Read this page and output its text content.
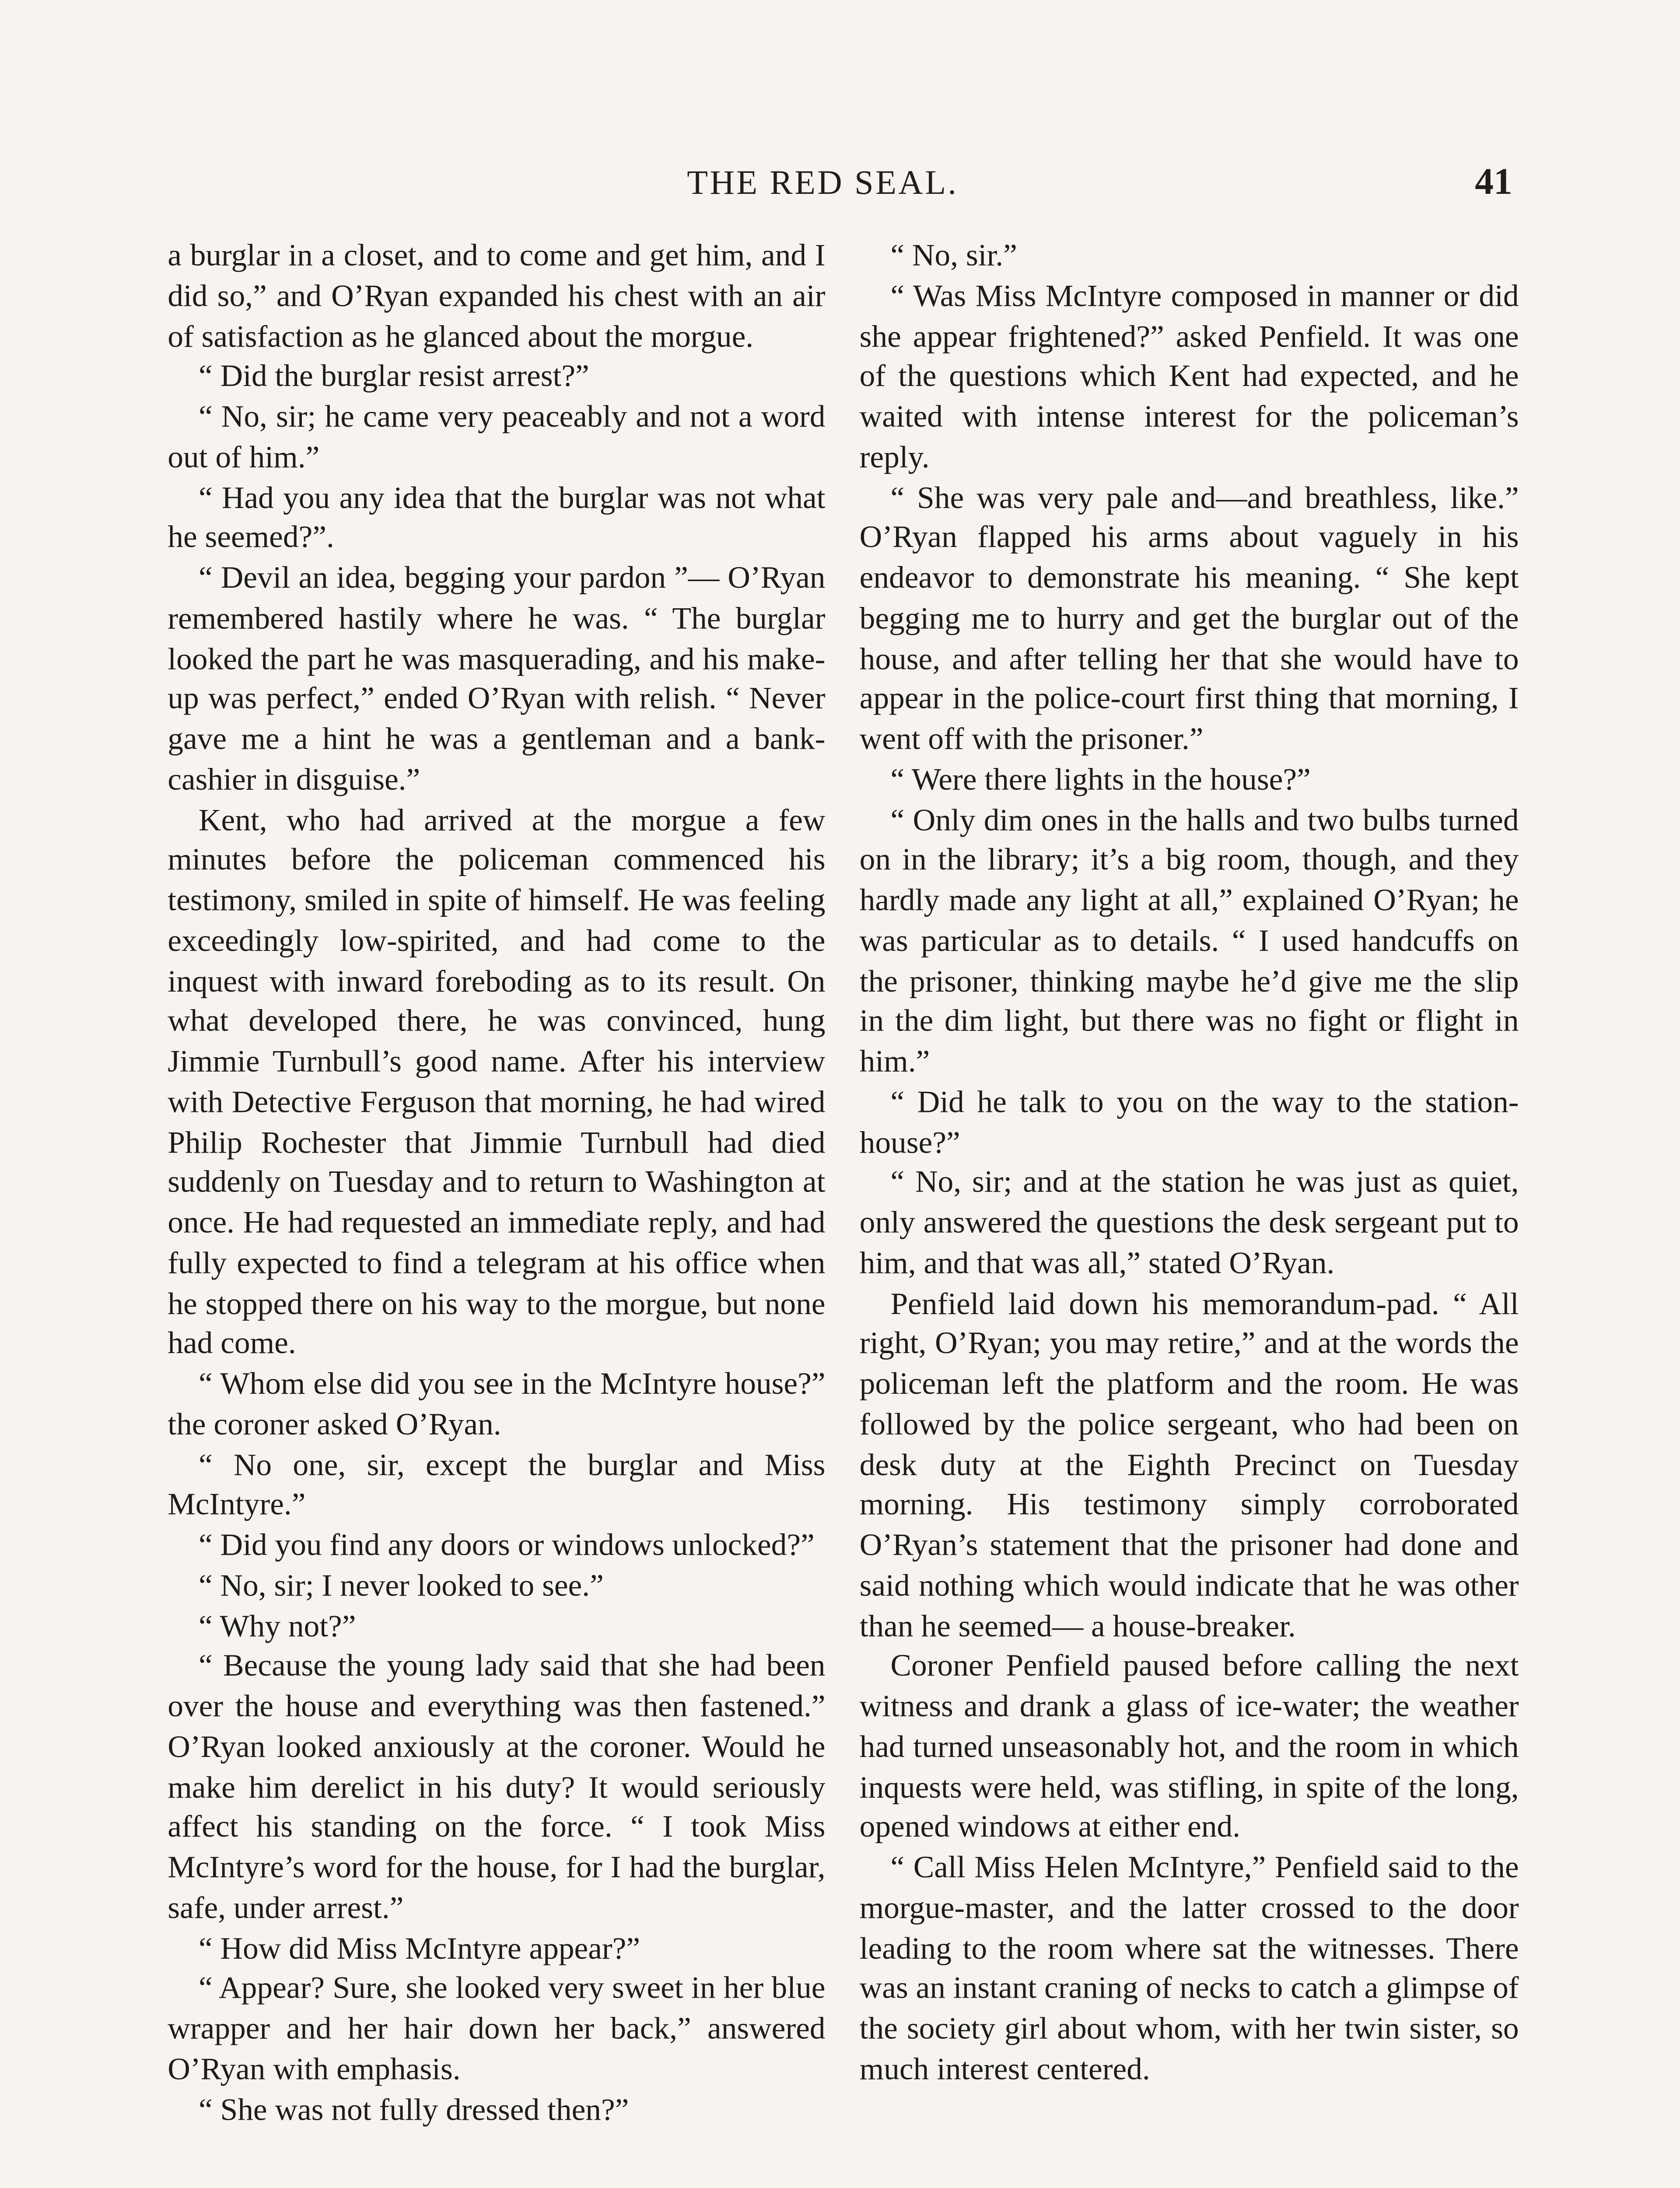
THE RED SEAL.	41

a burglar in a closet, and to come and get him, and I did so,” and O’Ryan expanded his chest with an air of satisfaction as he glanced about the morgue.

“ Did the burglar resist arrest?”

“ No, sir; he came very peaceably and not a word out of him.”

“ Had you any idea that the burglar was not what he seemed?”.

“ Devil an idea, begging your pardon ”— O’Ryan remembered hastily where he was. “ The burglar looked the part he was masquerading, and his make-up was perfect,” ended O’Ryan with relish. “ Never gave me a hint he was a gentleman and a bank-cashier in disguise.”

Kent, who had arrived at the morgue a few minutes before the policeman commenced his testimony, smiled in spite of himself. He was feeling exceedingly low-spirited, and had come to the inquest with inward foreboding as to its result. On what developed there, he was convinced, hung Jimmie Turnbull’s good name. After his interview with Detective Ferguson that morning, he had wired Philip Rochester that Jimmie Turnbull had died suddenly on Tuesday and to return to Washington at once. He had requested an immediate reply, and had fully expected to find a telegram at his office when he stopped there on his way to the morgue, but none had come.

“ Whom else did you see in the McIntyre house?” the coroner asked O’Ryan.

“ No one, sir, except the burglar and Miss McIntyre.”

“ Did you find any doors or windows unlocked?”

“ No, sir; I never looked to see.”

“ Why not?”

“ Because the young lady said that she had been over the house and everything was then fastened.” O’Ryan looked anxiously at the coroner. Would he make him derelict in his duty? It would seriously affect his standing on the force. “ I took Miss McIntyre’s word for the house, for I had the burglar, safe, under arrest.”

“ How did Miss McIntyre appear?”

“ Appear? Sure, she looked very sweet in her blue wrapper and her hair down her back,” answered O’Ryan with emphasis.

“ She was not fully dressed then?”

“ No, sir.”

“ Was Miss McIntyre composed in manner or did she appear frightened?” asked Penfield. It was one of the questions which Kent had expected, and he waited with intense interest for the policeman’s reply.

“ She was very pale and—and breathless, like.” O’Ryan flapped his arms about vaguely in his endeavor to demonstrate his meaning. “ She kept begging me to hurry and get the burglar out of the house, and after telling her that she would have to appear in the police-court first thing that morning, I went off with the prisoner.”

“ Were there lights in the house?”

“ Only dim ones in the halls and two bulbs turned on in the library; it’s a big room, though, and they hardly made any light at all,” explained O’Ryan; he was particular as to details. “ I used handcuffs on the prisoner, thinking maybe he’d give me the slip in the dim light, but there was no fight or flight in him.”

“ Did he talk to you on the way to the station-house?”

“ No, sir; and at the station he was just as quiet, only answered the questions the desk sergeant put to him, and that was all,” stated O’Ryan.

Penfield laid down his memorandum-pad. “ All right, O’Ryan; you may retire,” and at the words the policeman left the platform and the room. He was followed by the police sergeant, who had been on desk duty at the Eighth Precinct on Tuesday morning. His testimony simply corroborated O’Ryan’s statement that the prisoner had done and said nothing which would indicate that he was other than he seemed— a house-breaker.

Coroner Penfield paused before calling the next witness and drank a glass of ice-water; the weather had turned unseasonably hot, and the room in which inquests were held, was stifling, in spite of the long, opened windows at either end.

“ Call Miss Helen McIntyre,” Penfield said to the morgue-master, and the latter crossed to the door leading to the room where sat the witnesses. There was an instant craning of necks to catch a glimpse of the society girl about whom, with her twin sister, so much interest centered.
